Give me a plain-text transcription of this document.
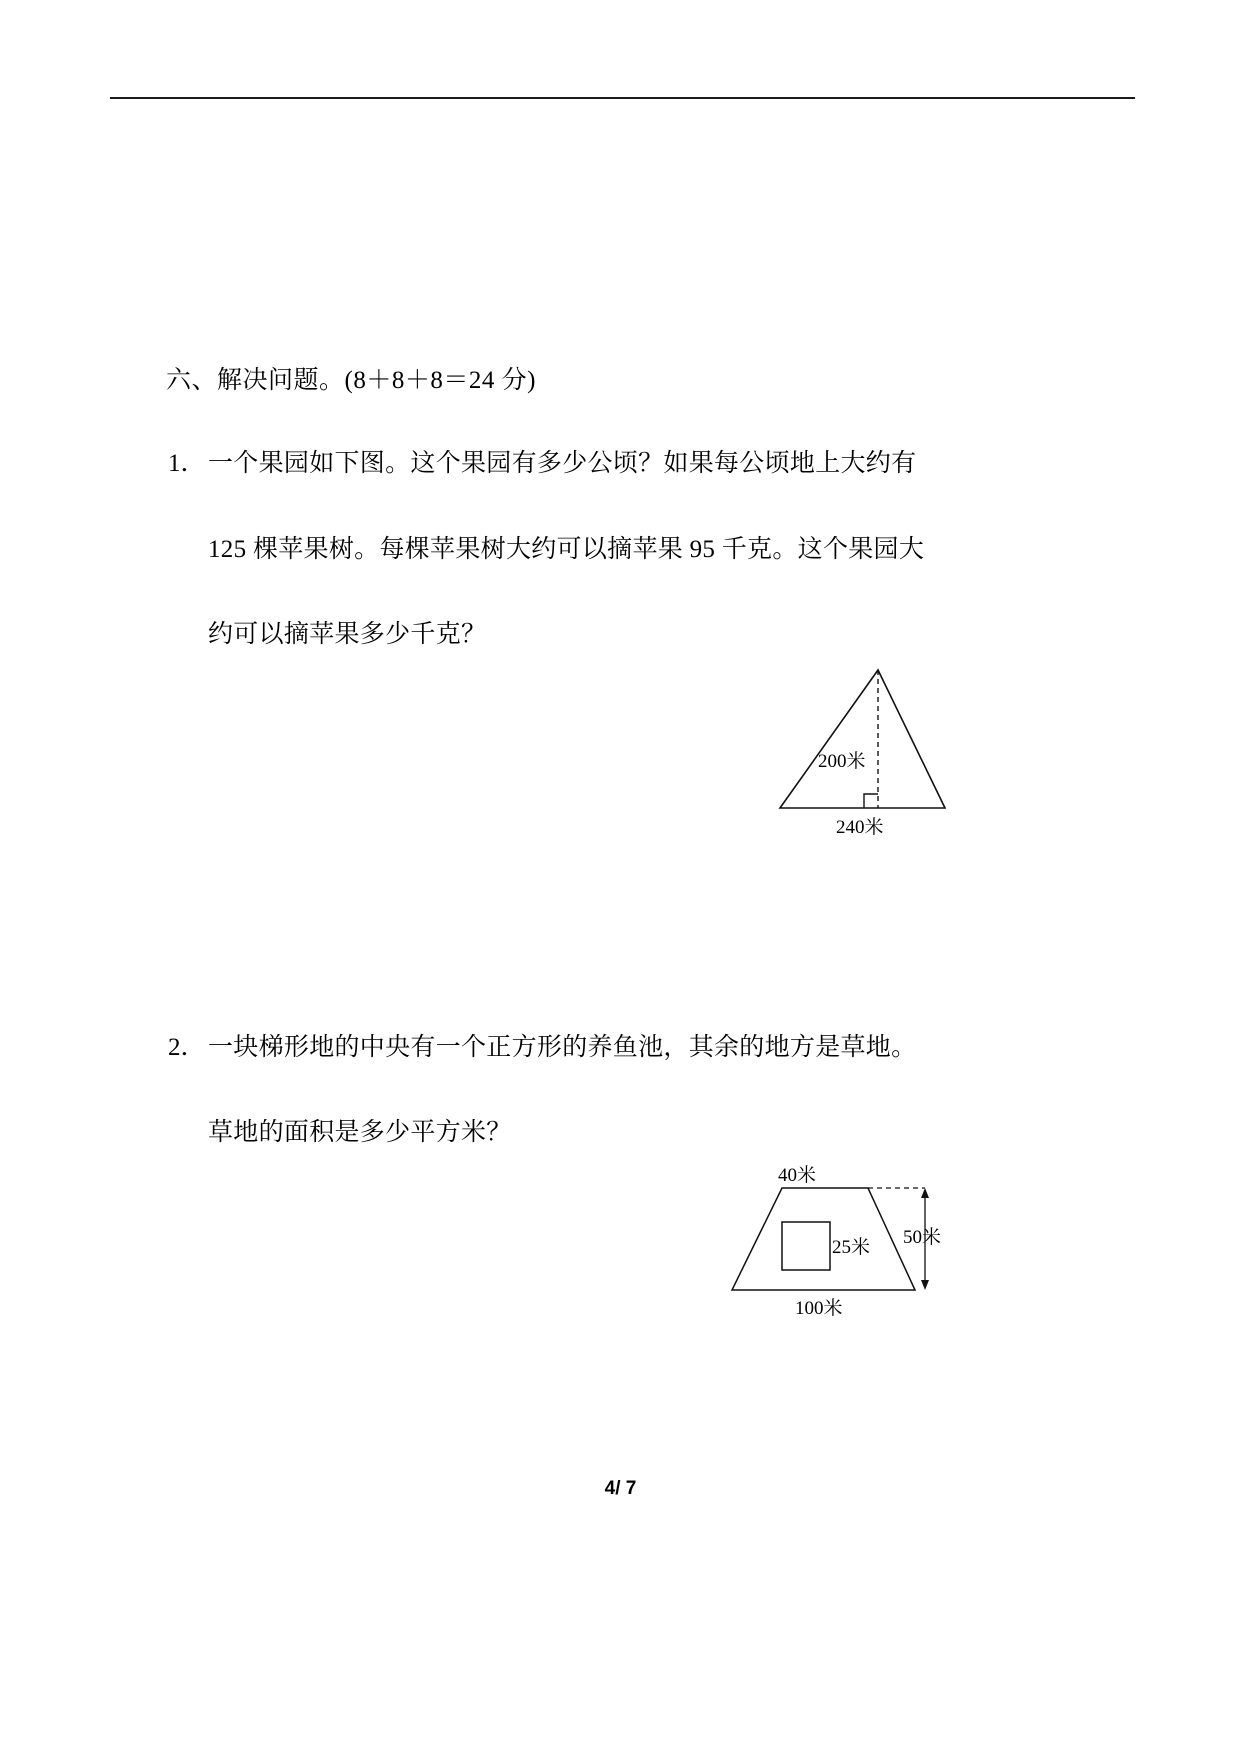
六、解决问题。(8＋8＋8＝24 分)
1． 一个果园如下图。这个果园有多少公顷？如果每公顷地上大约有
125 棵苹果树。每棵苹果树大约可以摘苹果 95 千克。这个果园大
约可以摘苹果多少千克？
200米
240米
2． 一块梯形地的中央有一个正方形的养鱼池，其余的地方是草地。
草地的面积是多少平方米？
40米
25米 50米
100米
4/ 7
